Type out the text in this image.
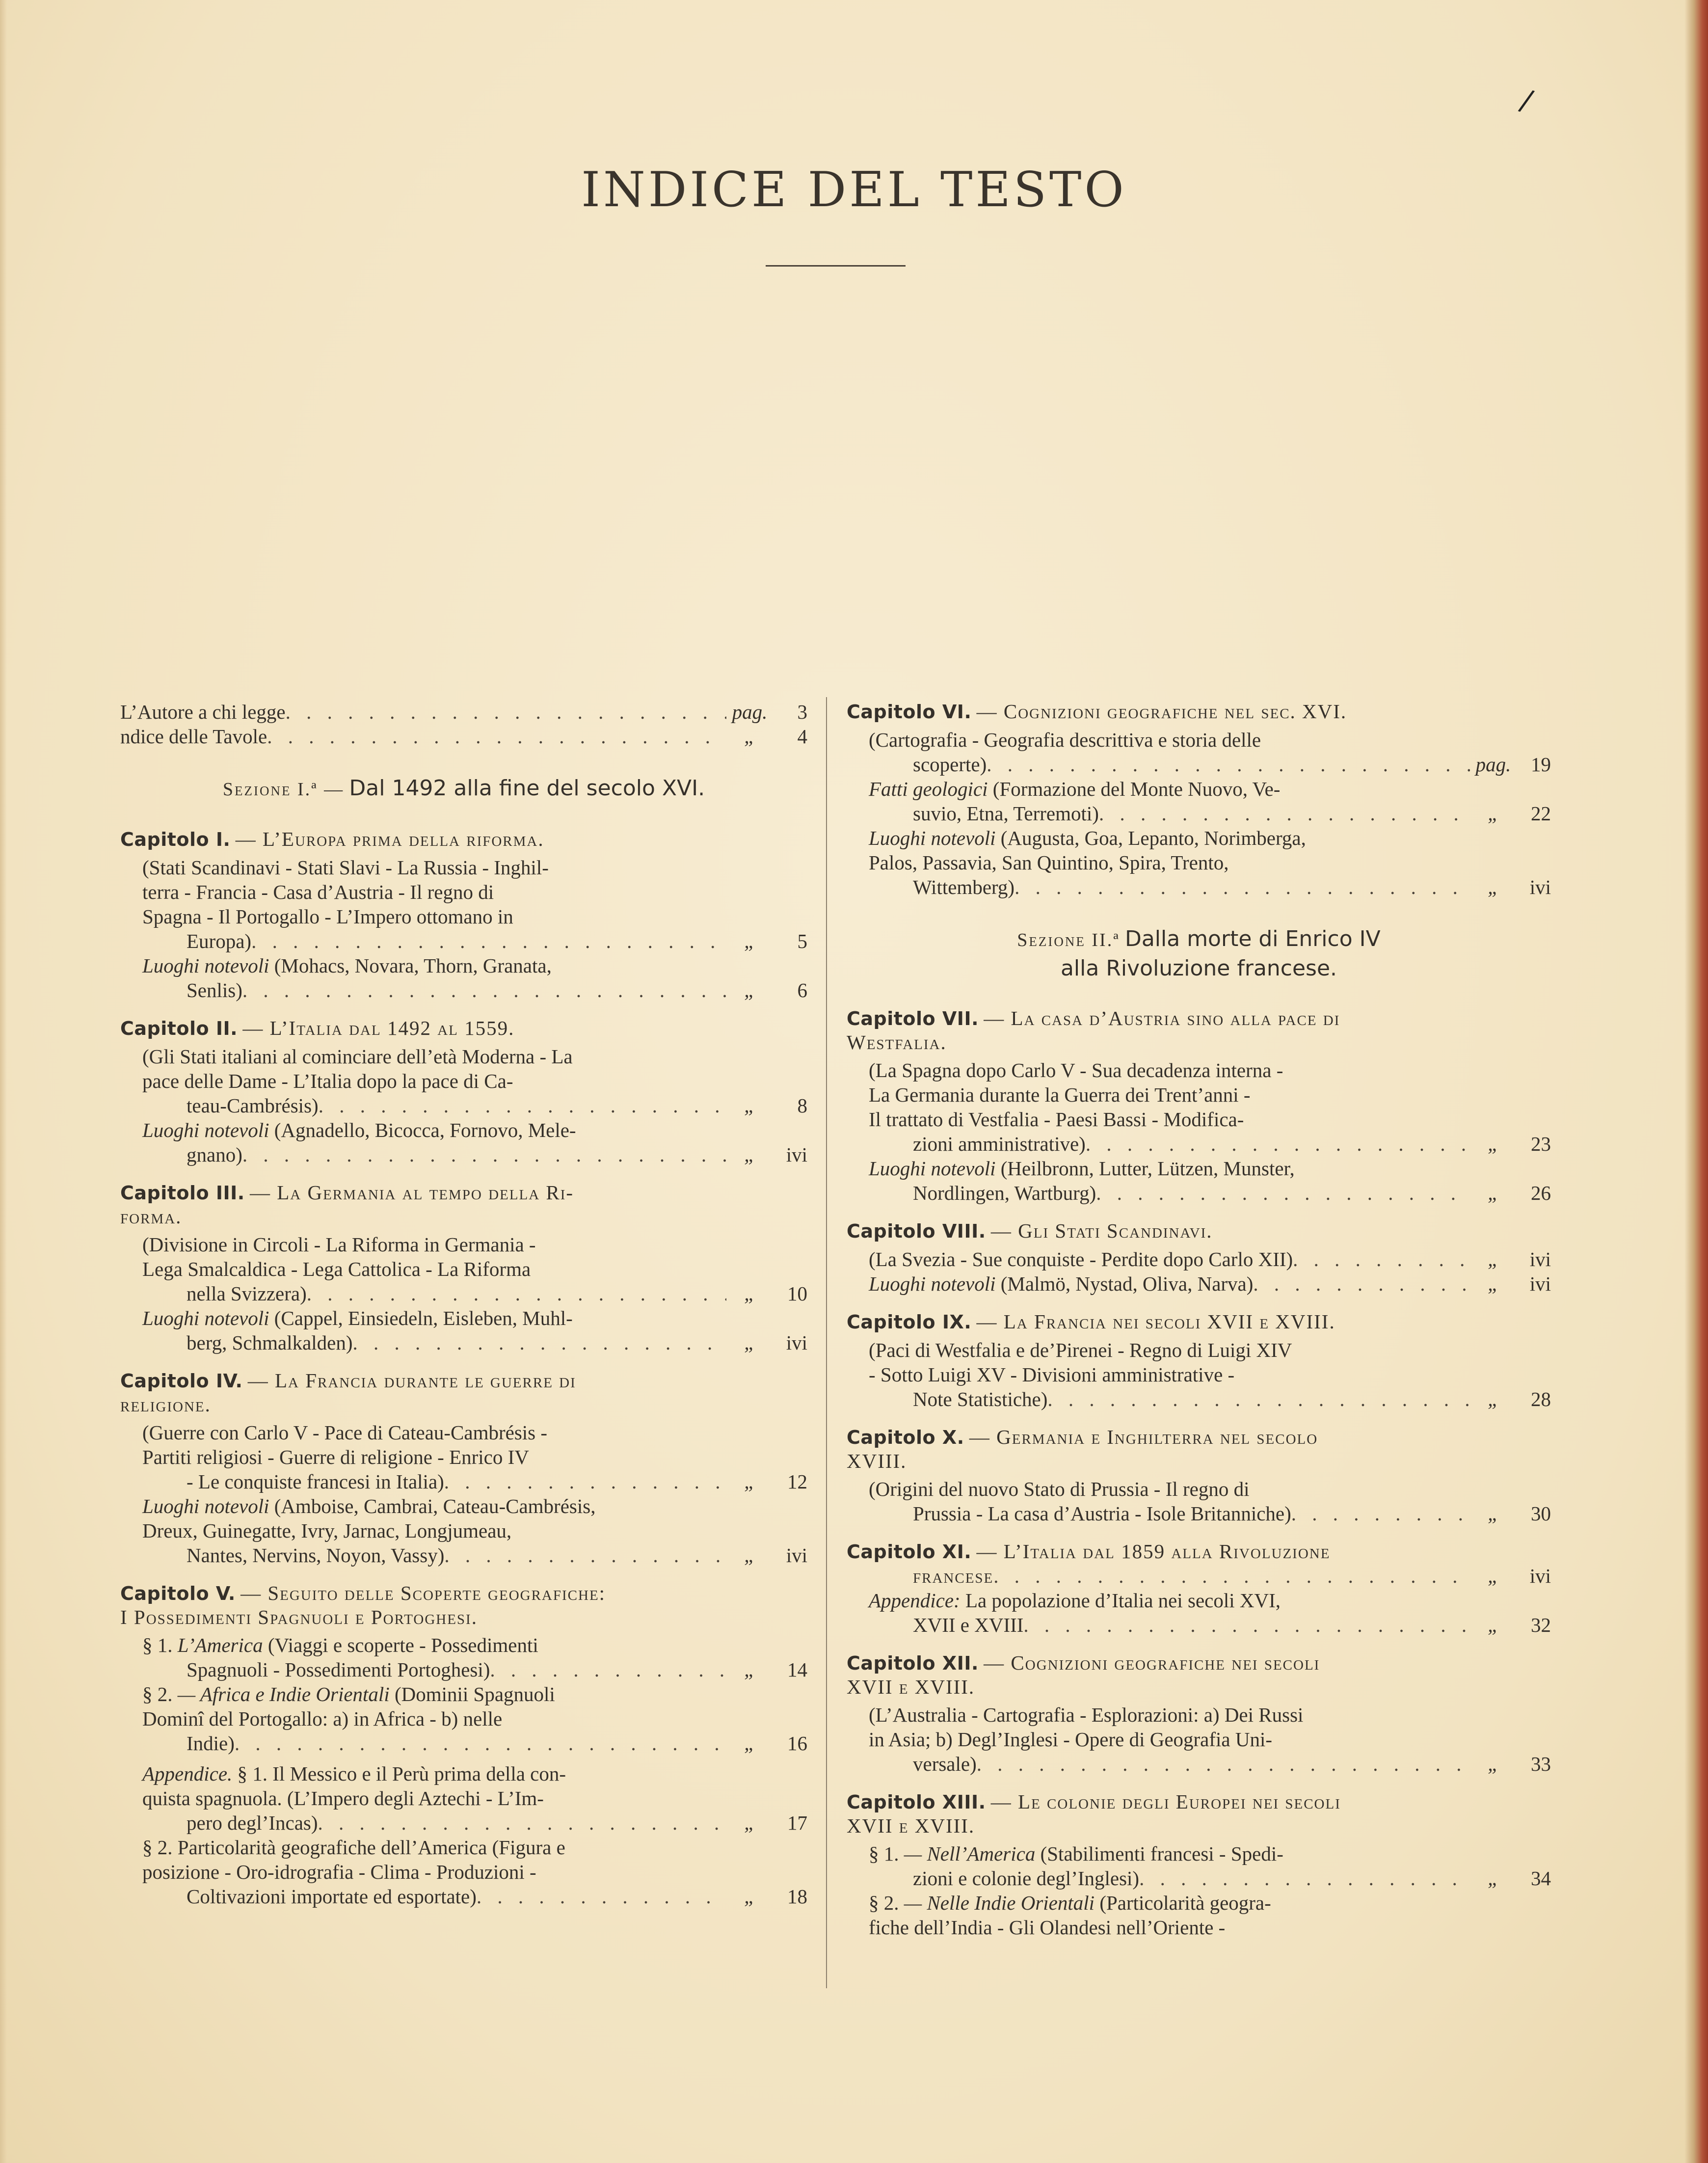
/
INDICE DEL TESTO
L’Autore a chi legge . . .	pag.	3
ndice delle Tavole . . .	„	4
Sezione I.ª — Dal 1492 alla fine del secolo XVI.
Capitolo I. — L’Europa prima della riforma.
(Stati Scandinavi - Stati Slavi - La Russia - Inghil-
terra - Francia - Casa d’Austria - Il regno di
Spagna - Il Portogallo - L’Impero ottomano in
Europa) . . .	„	5
Luoghi notevoli (Mohacs, Novara, Thorn, Granata,
Senlis) . . .	„	6
Capitolo II. — L’Italia dal 1492 al 1559.
(Gli Stati italiani al cominciare dell’età Moderna - La
pace delle Dame - L’Italia dopo la pace di Ca-
teau-Cambrésis) . . .	„	8
Luoghi notevoli (Agnadello, Bicocca, Fornovo, Mele-
gnano) . . .	„	ivi
Capitolo III. — La Germania al tempo della Ri-
forma.
(Divisione in Circoli - La Riforma in Germania -
Lega Smalcaldica - Lega Cattolica - La Riforma
nella Svizzera) . . .	„	10
Luoghi notevoli (Cappel, Einsiedeln, Eisleben, Muhl-
berg, Schmalkalden) . . .	„	ivi
Capitolo IV. — La Francia durante le guerre di
religione.
(Guerre con Carlo V - Pace di Cateau-Cambrésis -
Partiti religiosi - Guerre di religione - Enrico IV
- Le conquiste francesi in Italia) . . .	„	12
Luoghi notevoli (Amboise, Cambrai, Cateau-Cambrésis,
Dreux, Guinegatte, Ivry, Jarnac, Longjumeau,
Nantes, Nervins, Noyon, Vassy) . . .	„	ivi
Capitolo V. — Seguito delle Scoperte geografiche:
I Possedimenti Spagnuoli e Portoghesi.
§ 1. L’America (Viaggi e scoperte - Possedimenti
Spagnuoli - Possedimenti Portoghesi) . . .	„	14
§ 2. — Africa e Indie Orientali (Dominii Spagnuoli
Dominî del Portogallo: a) in Africa - b) nelle
Indie) . . .	„	16
Appendice. § 1. Il Messico e il Perù prima della con-
quista spagnuola. (L’Impero degli Aztechi - L’Im-
pero degl’Incas) . . .	„	17
§ 2. Particolarità geografiche dell’America (Figura e
posizione - Oro-idrografia - Clima - Produzioni -
Coltivazioni importate ed esportate) . . .	„	18
Capitolo VI. — Cognizioni geografiche nel sec. XVI.
(Cartografia - Geografia descrittiva e storia delle
scoperte) . . .	pag. 19
Fatti geologici (Formazione del Monte Nuovo, Ve-
suvio, Etna, Terremoti) . . .	„	22
Luoghi notevoli (Augusta, Goa, Lepanto, Norimberga,
Palos, Passavia, San Quintino, Spira, Trento,
Wittemberg) . . .	„	ivi
Sezione II.ª Dalla morte di Enrico IV
alla Rivoluzione francese.
Capitolo VII. — La casa d’Austria sino alla pace di
Westfalia.
(La Spagna dopo Carlo V - Sua decadenza interna -
La Germania durante la Guerra dei Trent’anni -
Il trattato di Vestfalia - Paesi Bassi - Modifica-
zioni amministrative) . . .	„	23
Luoghi notevoli (Heilbronn, Lutter, Lützen, Munster,
Nordlingen, Wartburg) . . .	„	26
Capitolo VIII. — Gli Stati Scandinavi.
(La Svezia - Sue conquiste - Perdite dopo Carlo XII) . . .	„	ivi
Luoghi notevoli (Malmö, Nystad, Oliva, Narva) . . .	„	ivi
Capitolo IX. — La Francia nei secoli XVII e XVIII.
(Paci di Westfalia e de’Pirenei - Regno di Luigi XIV
- Sotto Luigi XV - Divisioni amministrative -
Note Statistiche) . . .	„	28
Capitolo X. — Germania e Inghilterra nel secolo
XVIII.
(Origini del nuovo Stato di Prussia - Il regno di
Prussia - La casa d’Austria - Isole Britanniche) . . .	„	30
Capitolo XI. — L’Italia dal 1859 alla Rivoluzione
francese . . .	„	ivi
Appendice: La popolazione d’Italia nei secoli XVI,
XVII e XVIII . . .	„	32
Capitolo XII. — Cognizioni geografiche nei secoli
XVII e XVIII.
(L’Australia - Cartografia - Esplorazioni: a) Dei Russi
in Asia; b) Degl’Inglesi - Opere di Geografia Uni-
versale) . . .	„	33
Capitolo XIII. — Le colonie degli Europei nei secoli
XVII e XVIII.
§ 1. — Nell’America (Stabilimenti francesi - Spedi-
zioni e colonie degl’Inglesi) . . .	„	34
§ 2. — Nelle Indie Orientali (Particolarità geogra-
fiche dell’India - Gli Olandesi nell’Oriente -
